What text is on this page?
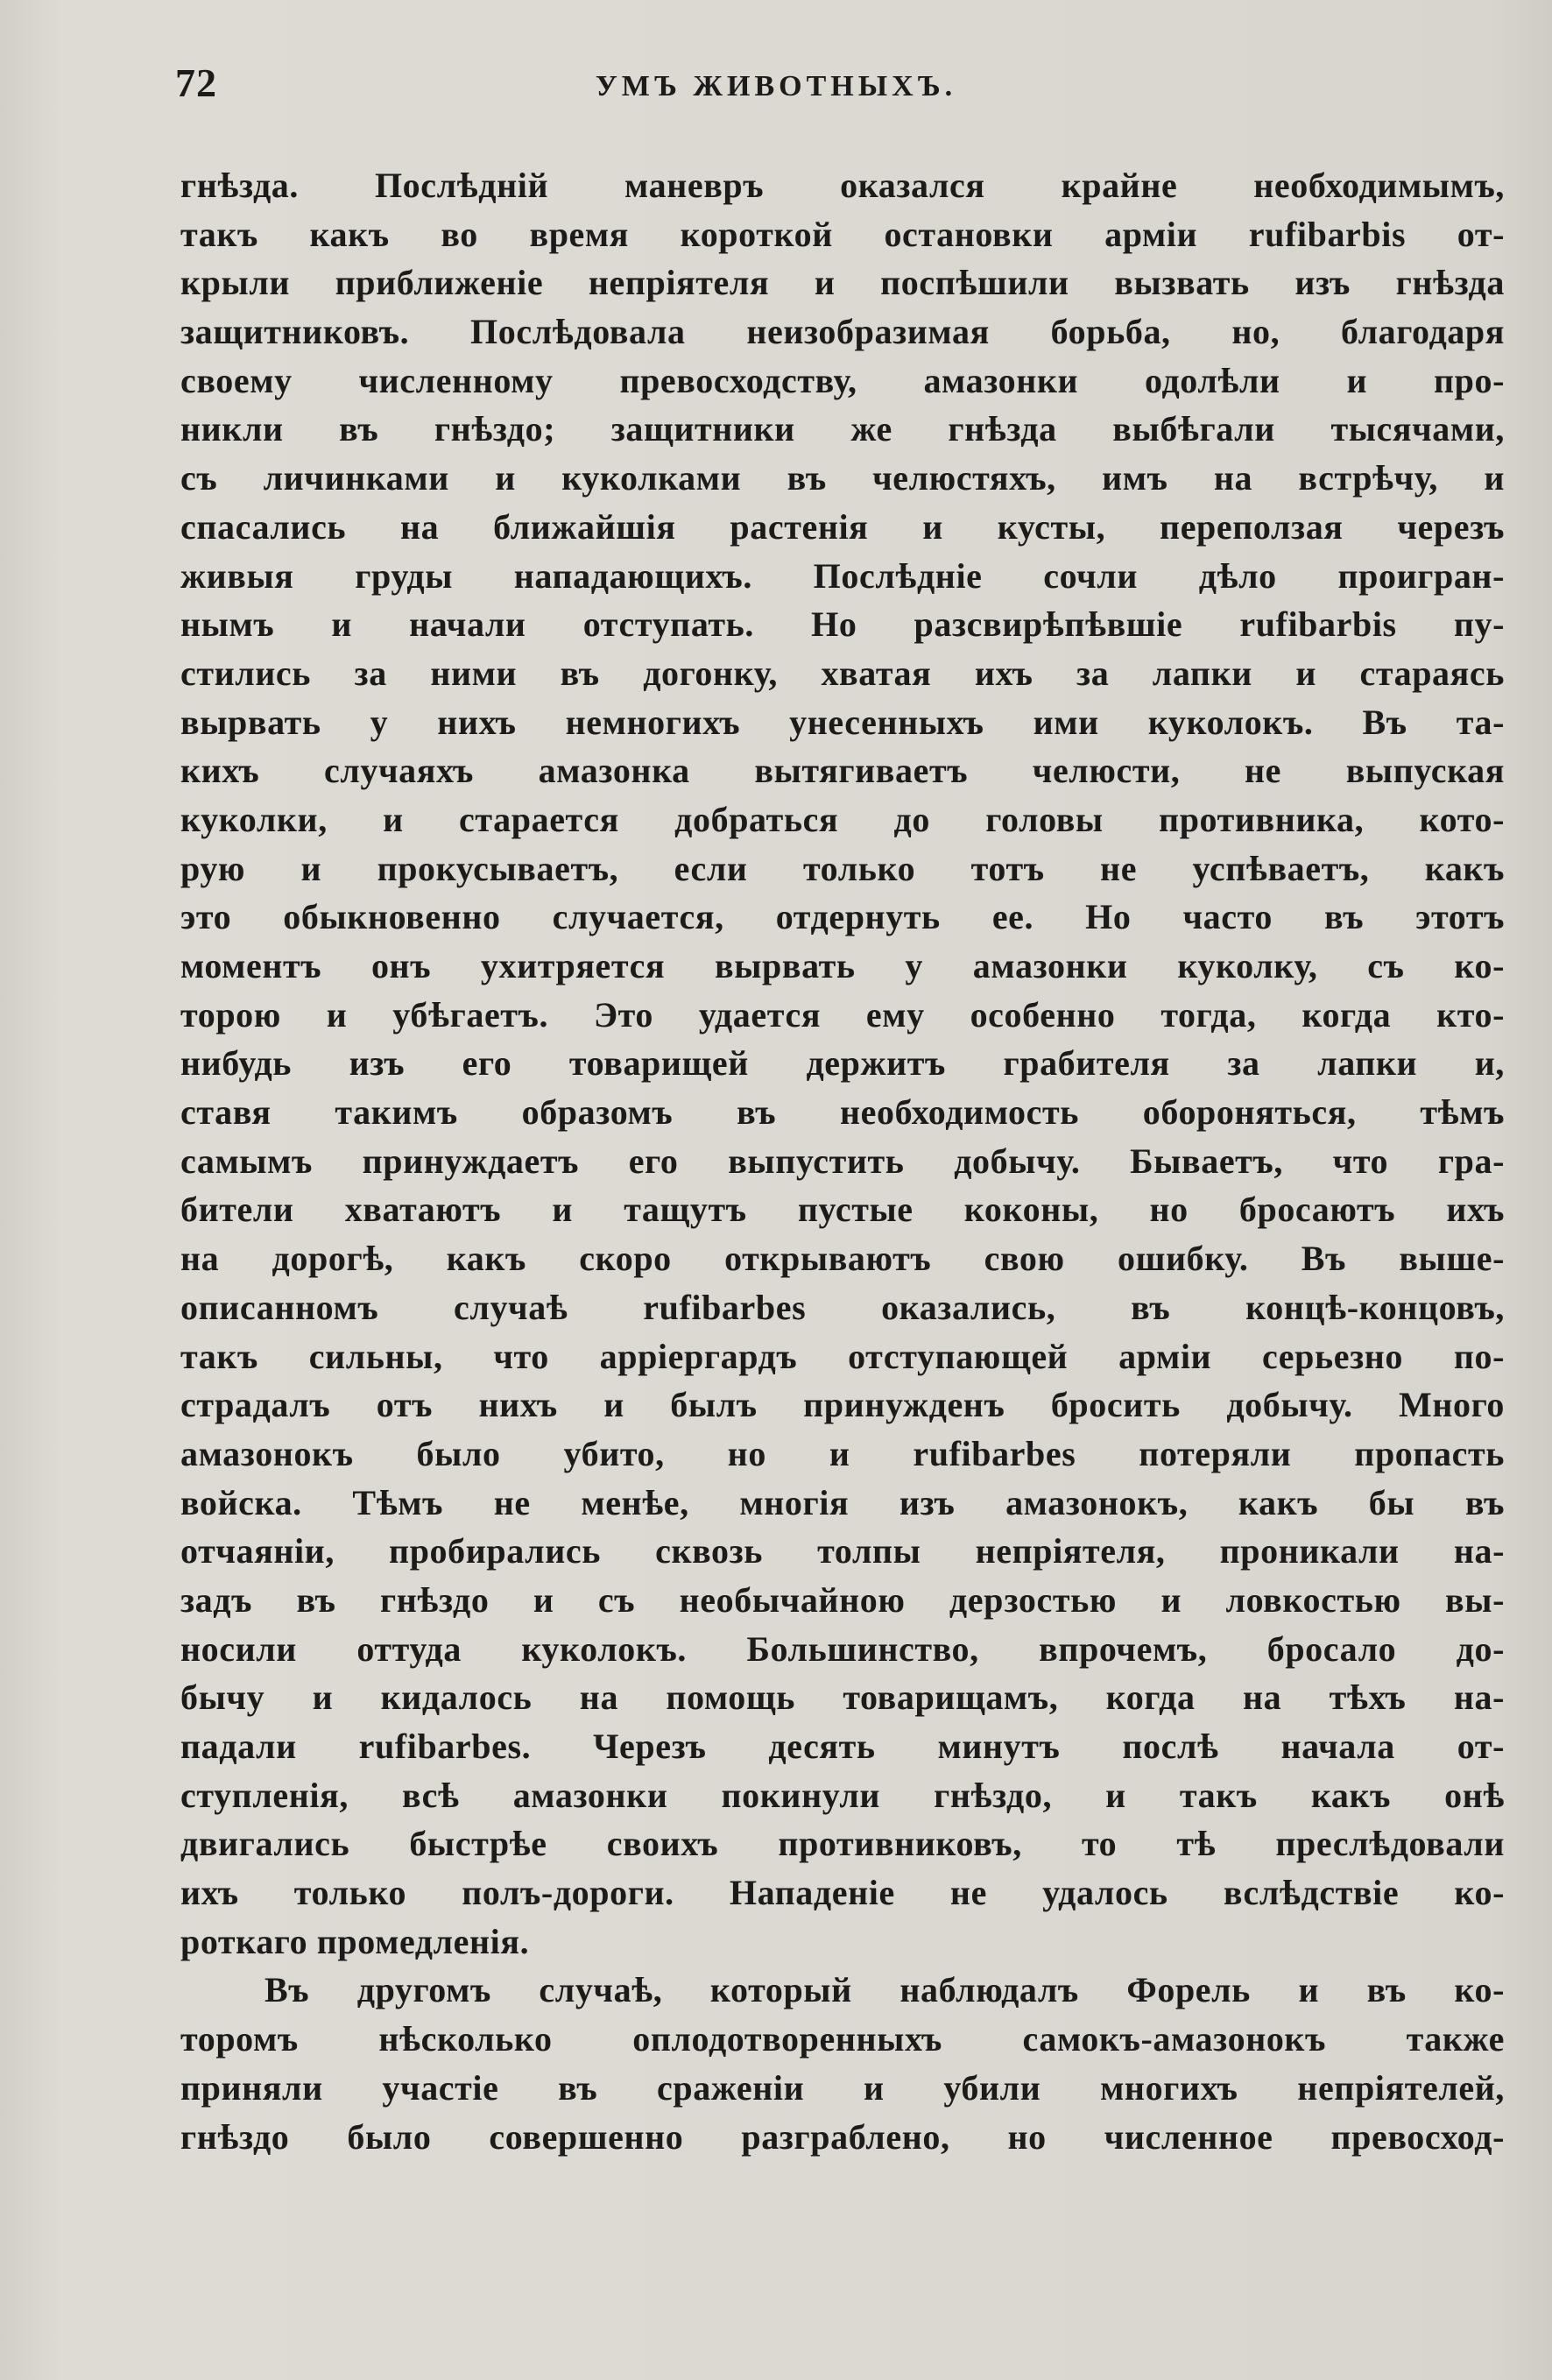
72	УМЪ ЖИВОТНЫХЪ.
гнѣзда. Послѣдній маневръ оказался крайне необходимымъ,
такъ какъ во время короткой остановки арміи rufibarbis от-
крыли приближеніе непріятеля и поспѣшили вызвать изъ гнѣзда
защитниковъ. Послѣдовала неизобразимая борьба, но, благодаря
своему численному превосходству, амазонки одолѣли и про-
никли въ гнѣздо; защитники же гнѣзда выбѣгали тысячами,
съ личинками и куколками въ челюстяхъ, имъ на встрѣчу, и
спасались на ближайшія растенія и кусты, переползая черезъ
живыя груды нападающихъ. Послѣдніе сочли дѣло проигран-
нымъ и начали отступать. Но разсвирѣпѣвшіе rufibarbis пу-
стились за ними въ догонку, хватая ихъ за лапки и стараясь
вырвать у нихъ немногихъ унесенныхъ ими куколокъ. Въ та-
кихъ случаяхъ амазонка вытягиваетъ челюсти, не выпуская
куколки, и старается добраться до головы противника, кото-
рую и прокусываетъ, если только тотъ не успѣваетъ, какъ
это обыкновенно случается, отдернуть ее. Но часто въ этотъ
моментъ онъ ухитряется вырвать у амазонки куколку, съ ко-
торою и убѣгаетъ. Это удается ему особенно тогда, когда кто-
нибудь изъ его товарищей держитъ грабителя за лапки и,
ставя такимъ образомъ въ необходимость обороняться, тѣмъ
самымъ принуждаетъ его выпустить добычу. Бываетъ, что гра-
бители хватаютъ и тащутъ пустые коконы, но бросаютъ ихъ
на дорогѣ, какъ скоро открываютъ свою ошибку. Въ выше-
описанномъ случаѣ rufibarbes оказались, въ концѣ-концовъ,
такъ сильны, что арріергардъ отступающей арміи серьезно по-
страдалъ отъ нихъ и былъ принужденъ бросить добычу. Много
амазонокъ было убито, но и rufibarbes потеряли пропасть
войска. Тѣмъ не менѣе, многія изъ амазонокъ, какъ бы въ
отчаяніи, пробирались сквозь толпы непріятеля, проникали на-
задъ въ гнѣздо и съ необычайною дерзостью и ловкостью вы-
носили оттуда куколокъ. Большинство, впрочемъ, бросало до-
бычу и кидалось на помощь товарищамъ, когда на тѣхъ на-
падали rufibarbes. Черезъ десять минутъ послѣ начала от-
ступленія, всѣ амазонки покинули гнѣздо, и такъ какъ онѣ
двигались быстрѣе своихъ противниковъ, то тѣ преслѣдовали
ихъ только полъ-дороги. Нападеніе не удалось вслѣдствіе ко-
роткаго промедленія.
Въ другомъ случаѣ, который наблюдалъ Форель и въ ко-
торомъ нѣсколько оплодотворенныхъ самокъ-амазонокъ также
приняли участіе въ сраженіи и убили многихъ непріятелей,
гнѣздо было совершенно разграблено, но численное превосход-
